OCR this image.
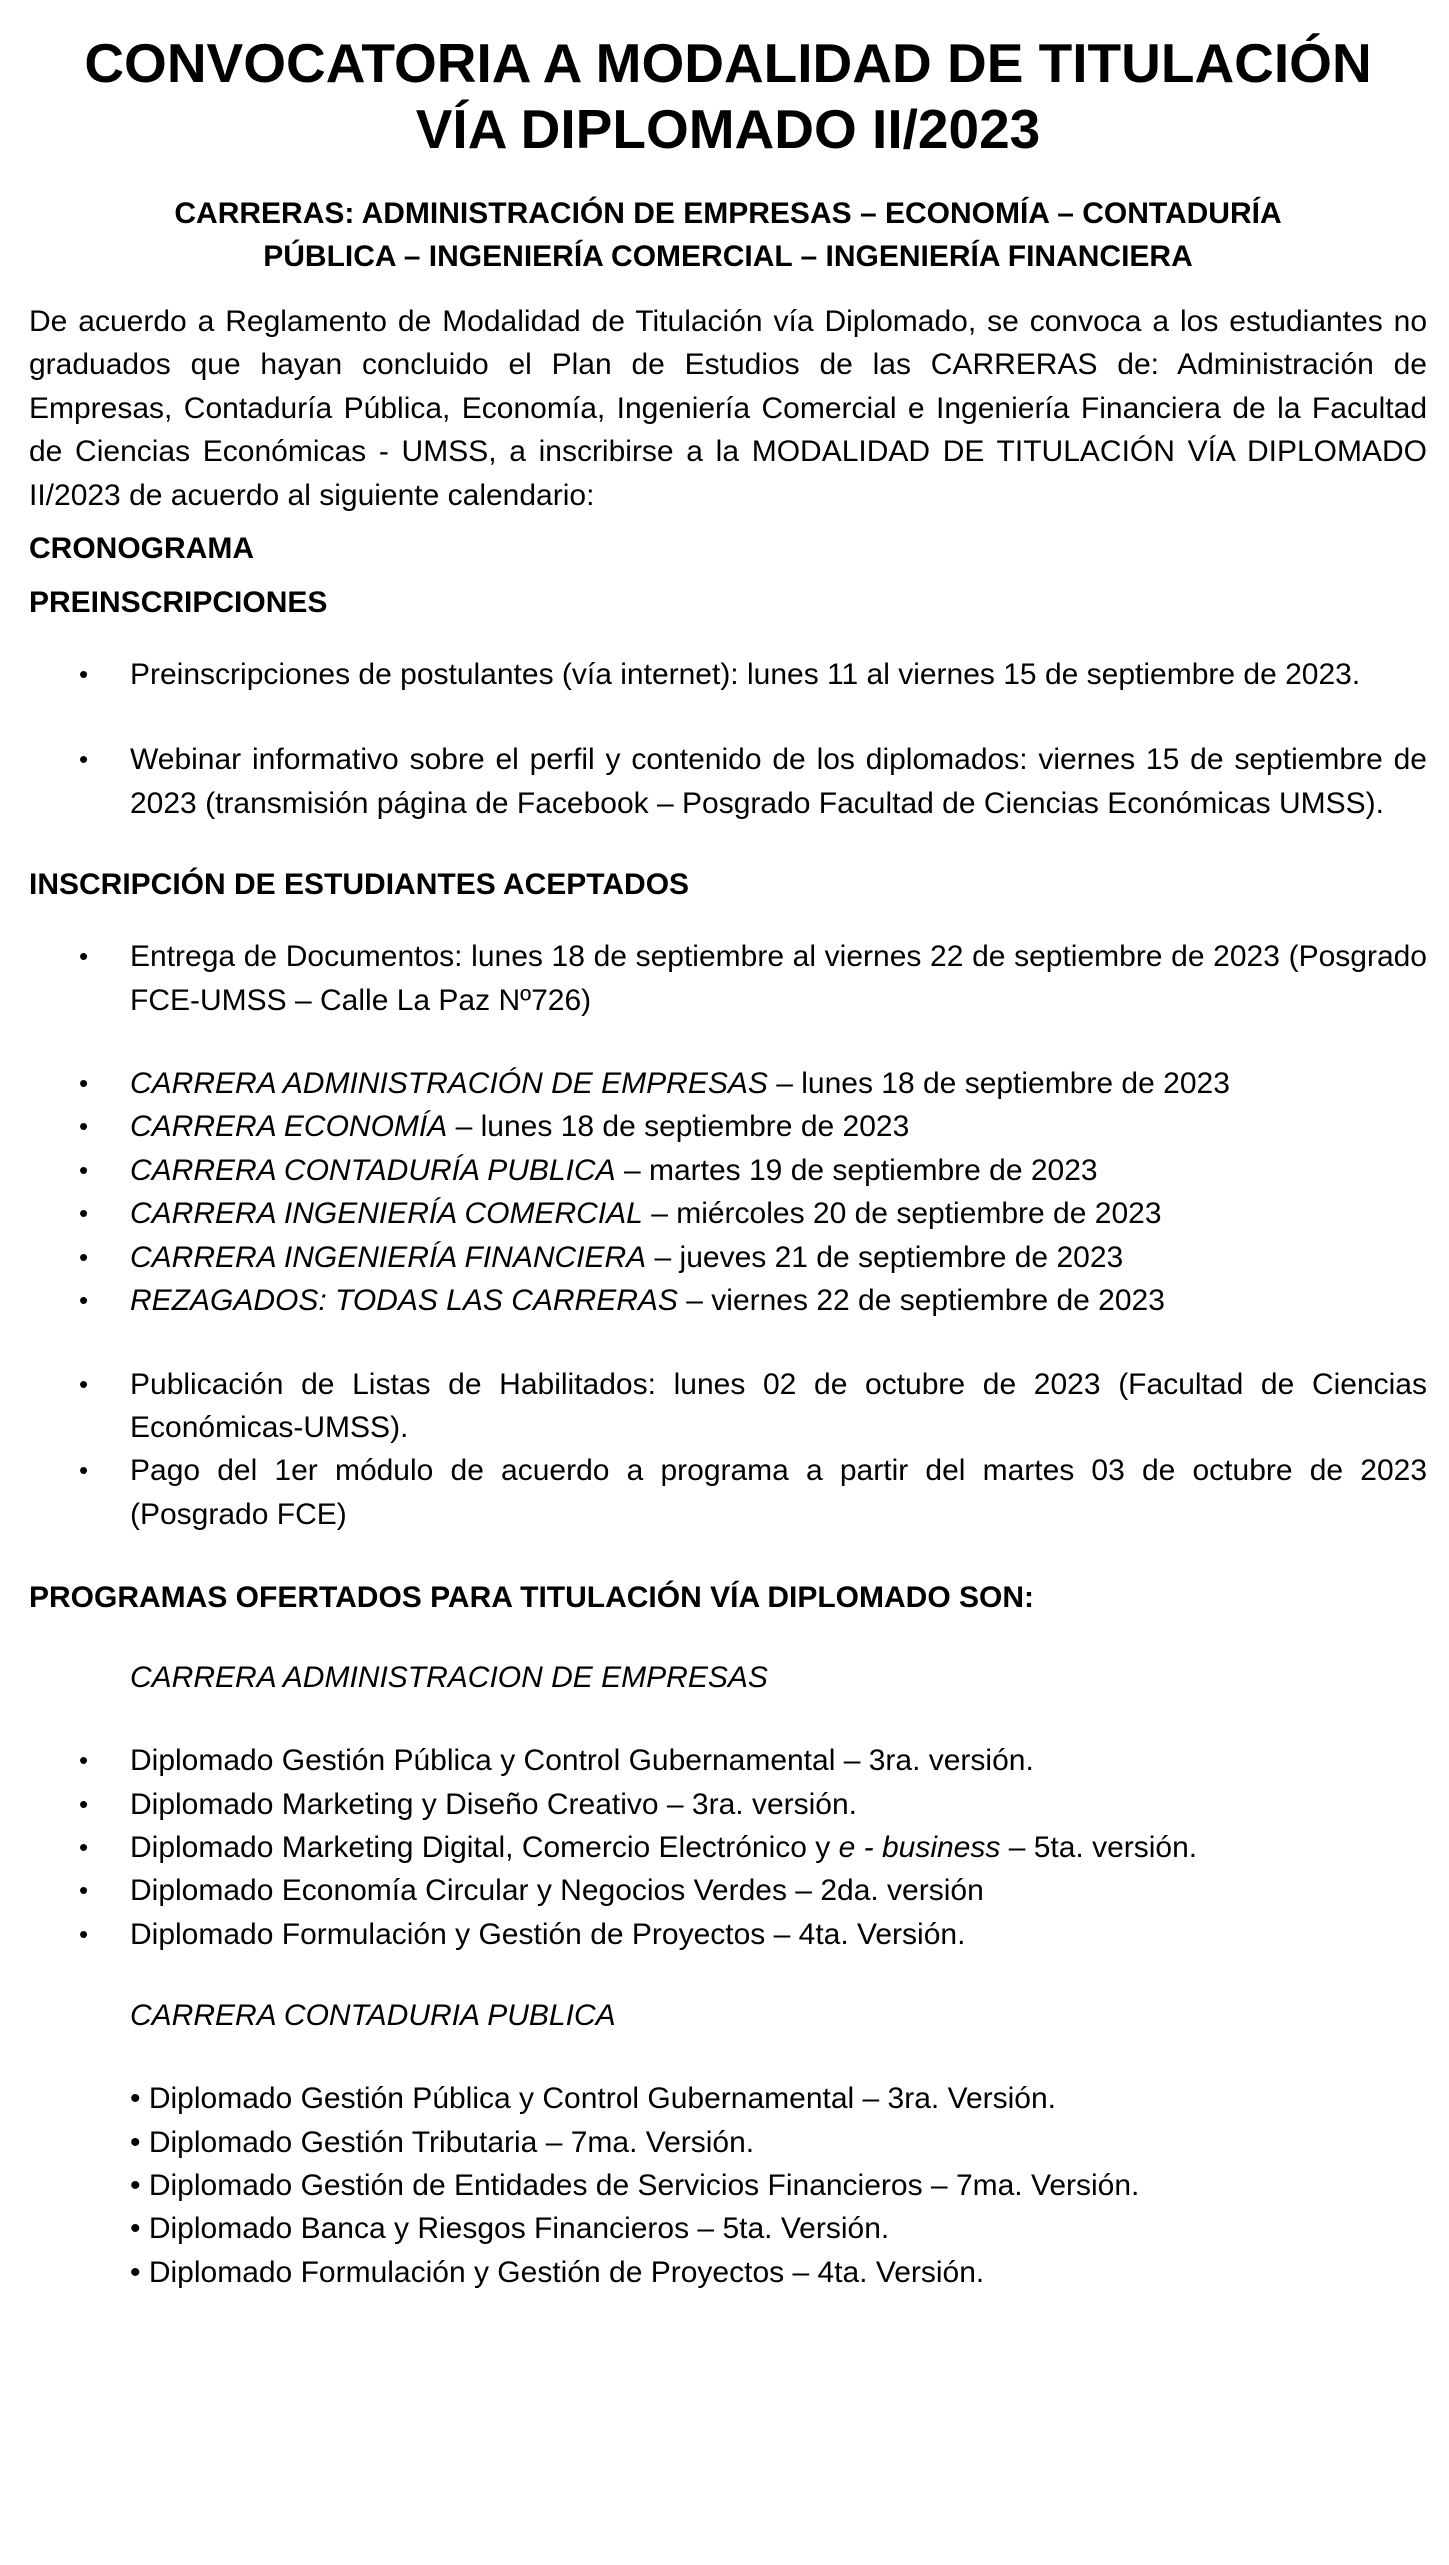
CONVOCATORIA A MODALIDAD DE TITULACIÓN
VÍA DIPLOMADO II/2023

CARRERAS: ADMINISTRACIÓN DE EMPRESAS – ECONOMÍA – CONTADURÍA
PÚBLICA – INGENIERÍA COMERCIAL – INGENIERÍA FINANCIERA

De acuerdo a Reglamento de Modalidad de Titulación vía Diplomado, se convoca a los estudiantes no graduados que hayan concluido el Plan de Estudios de las CARRERAS de: Administración de Empresas, Contaduría Pública, Economía, Ingeniería Comercial e Ingeniería Financiera de la Facultad de Ciencias Económicas - UMSS, a inscribirse a la MODALIDAD DE TITULACIÓN VÍA DIPLOMADO II/2023 de acuerdo al siguiente calendario:

CRONOGRAMA

PREINSCRIPCIONES

• Preinscripciones de postulantes (vía internet): lunes 11 al viernes 15 de septiembre de 2023.
• Webinar informativo sobre el perfil y contenido de los diplomados: viernes 15 de septiembre de 2023 (transmisión página de Facebook – Posgrado Facultad de Ciencias Económicas UMSS).

INSCRIPCIÓN DE ESTUDIANTES ACEPTADOS

• Entrega de Documentos: lunes 18 de septiembre al viernes 22 de septiembre de 2023 (Posgrado FCE-UMSS – Calle La Paz Nº726)
• CARRERA ADMINISTRACIÓN DE EMPRESAS – lunes 18 de septiembre de 2023
• CARRERA ECONOMÍA – lunes 18 de septiembre de 2023
• CARRERA CONTADURÍA PUBLICA – martes 19 de septiembre de 2023
• CARRERA INGENIERÍA COMERCIAL – miércoles 20 de septiembre de 2023
• CARRERA INGENIERÍA FINANCIERA – jueves 21 de septiembre de 2023
• REZAGADOS: TODAS LAS CARRERAS – viernes 22 de septiembre de 2023
• Publicación de Listas de Habilitados: lunes 02 de octubre de 2023 (Facultad de Ciencias Económicas-UMSS).
• Pago del 1er módulo de acuerdo a programa a partir del martes 03 de octubre de 2023 (Posgrado FCE)

PROGRAMAS OFERTADOS PARA TITULACIÓN VÍA DIPLOMADO SON:

CARRERA ADMINISTRACION DE EMPRESAS

• Diplomado Gestión Pública y Control Gubernamental – 3ra. versión.
• Diplomado Marketing y Diseño Creativo – 3ra. versión.
• Diplomado Marketing Digital, Comercio Electrónico y e - business – 5ta. versión.
• Diplomado Economía Circular y Negocios Verdes – 2da. versión
• Diplomado Formulación y Gestión de Proyectos – 4ta. Versión.

CARRERA CONTADURIA PUBLICA

• Diplomado Gestión Pública y Control Gubernamental – 3ra. Versión.
• Diplomado Gestión Tributaria – 7ma. Versión.
• Diplomado Gestión de Entidades de Servicios Financieros – 7ma. Versión.
• Diplomado Banca y Riesgos Financieros – 5ta. Versión.
• Diplomado Formulación y Gestión de Proyectos – 4ta. Versión.
